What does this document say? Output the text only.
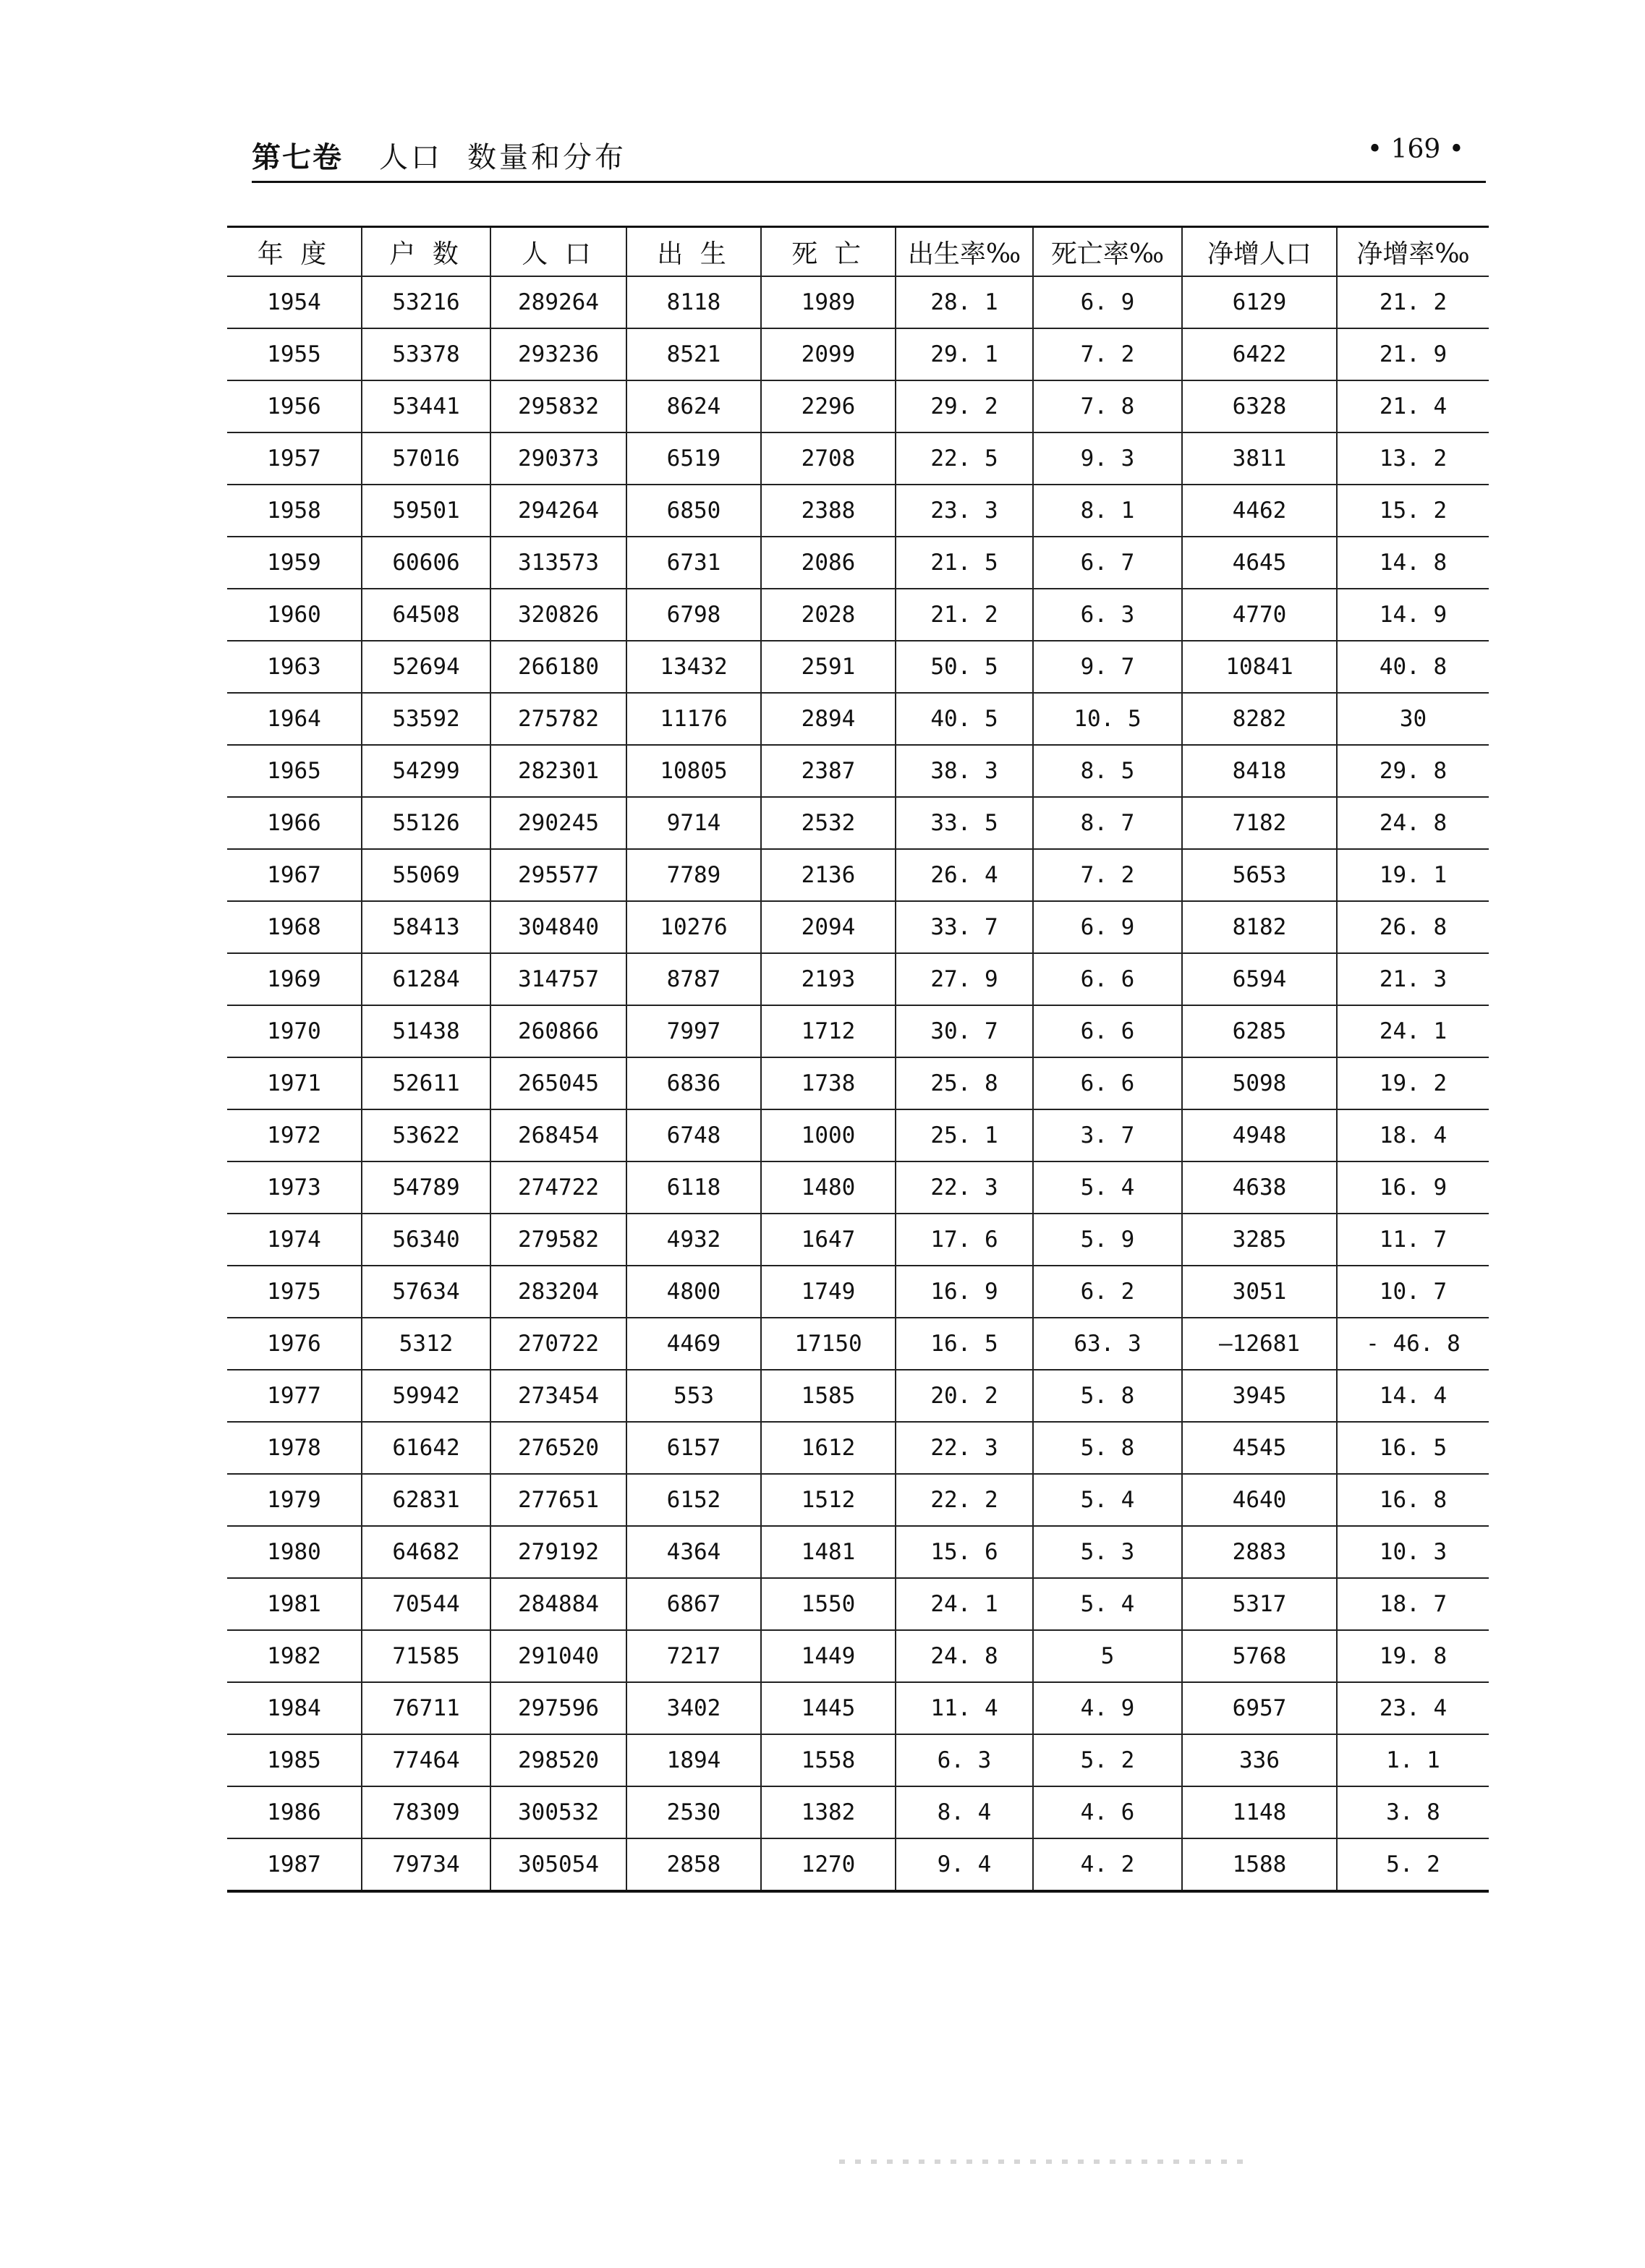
第七卷 人口 数量和分布	• 169 •
年 度	户 数	人 口	出 生	死 亡	出生率‰	死亡率‰	净增人口	净增率‰
1954	53216	289264	8118	1989	28. 1	6. 9	6129	21. 2
1955	53378	293236	8521	2099	29. 1	7. 2	6422	21. 9
1956	53441	295832	8624	2296	29. 2	7. 8	6328	21. 4
1957	57016	290373	6519	2708	22. 5	9. 3	3811	13. 2
1958	59501	294264	6850	2388	23. 3	8. 1	4462	15. 2
1959	60606	313573	6731	2086	21. 5	6. 7	4645	14. 8
1960	64508	320826	6798	2028	21. 2	6. 3	4770	14. 9
1963	52694	266180	13432	2591	50. 5	9. 7	10841	40. 8
1964	53592	275782	11176	2894	40. 5	10. 5	8282	30
1965	54299	282301	10805	2387	38. 3	8. 5	8418	29. 8
1966	55126	290245	9714	2532	33. 5	8. 7	7182	24. 8
1967	55069	295577	7789	2136	26. 4	7. 2	5653	19. 1
1968	58413	304840	10276	2094	33. 7	6. 9	8182	26. 8
1969	61284	314757	8787	2193	27. 9	6. 6	6594	21. 3
1970	51438	260866	7997	1712	30. 7	6. 6	6285	24. 1
1971	52611	265045	6836	1738	25. 8	6. 6	5098	19. 2
1972	53622	268454	6748	1000	25. 1	3. 7	4948	18. 4
1973	54789	274722	6118	1480	22. 3	5. 4	4638	16. 9
1974	56340	279582	4932	1647	17. 6	5. 9	3285	11. 7
1975	57634	283204	4800	1749	16. 9	6. 2	3051	10. 7
1976	5312	270722	4469	17150	16. 5	63. 3	—12681	- 46. 8
1977	59942	273454	553	1585	20. 2	5. 8	3945	14. 4
1978	61642	276520	6157	1612	22. 3	5. 8	4545	16. 5
1979	62831	277651	6152	1512	22. 2	5. 4	4640	16. 8
1980	64682	279192	4364	1481	15. 6	5. 3	2883	10. 3
1981	70544	284884	6867	1550	24. 1	5. 4	5317	18. 7
1982	71585	291040	7217	1449	24. 8	5	5768	19. 8
1984	76711	297596	3402	1445	11. 4	4. 9	6957	23. 4
1985	77464	298520	1894	1558	6. 3	5. 2	336	1. 1
1986	78309	300532	2530	1382	8. 4	4. 6	1148	3. 8
1987	79734	305054	2858	1270	9. 4	4. 2	1588	5. 2
